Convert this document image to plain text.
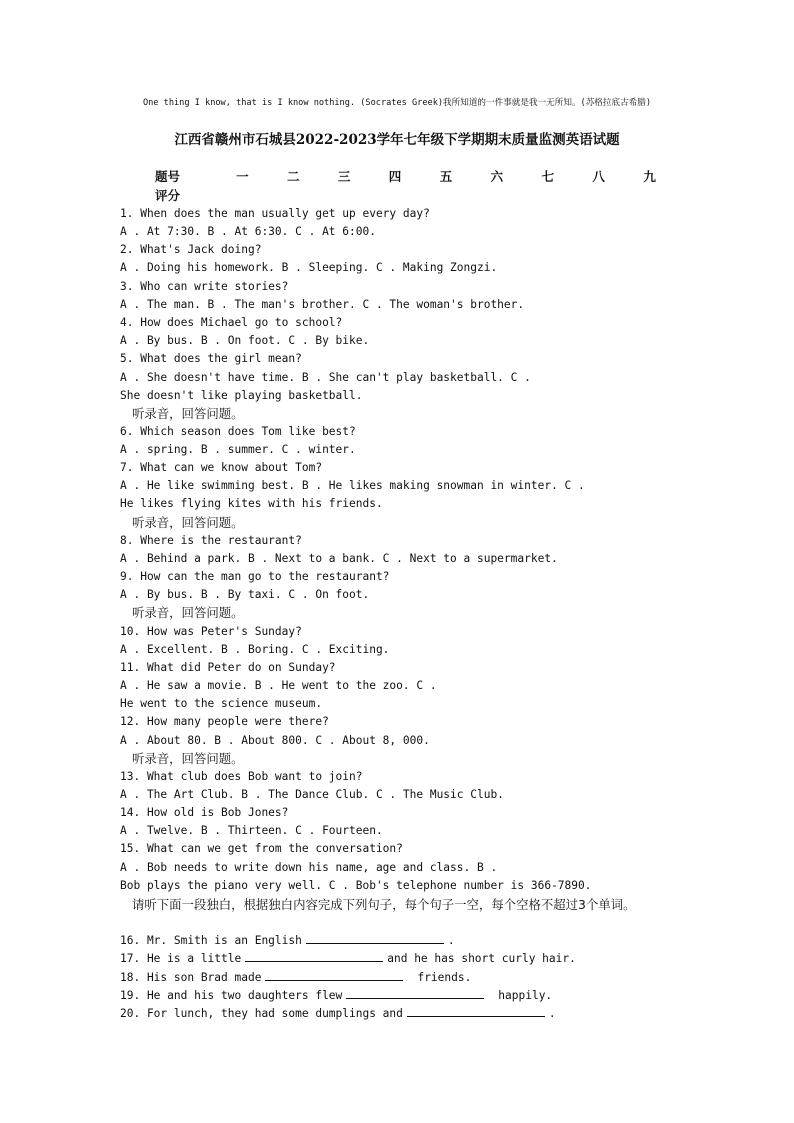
One thing I know, that is I know nothing. (Socrates Greek)我所知道的一件事就是我一无所知。(苏格拉底古希腊)
江西省赣州市石城县2022-2023学年七年级下学期期末质量监测英语试题
题号	一	二	三	四	五	六	七	八	九
评分
1. When does the man usually get up every day?
A . At 7:30. B . At 6:30. C . At 6:00.
2. What's Jack doing?
A . Doing his homework. B . Sleeping. C . Making Zongzi.
3. Who can write stories?
A . The man. B . The man's brother. C . The woman's brother.
4. How does Michael go to school?
A . By bus. B . On foot. C . By bike.
5. What does the girl mean?
A . She doesn't have time. B . She can't play basketball. C .
She doesn't like playing basketball.
听录音，回答问题。
6. Which season does Tom like best?
A . spring. B . summer. C . winter.
7. What can we know about Tom?
A . He like swimming best. B . He likes making snowman in winter. C .
He likes flying kites with his friends.
听录音，回答问题。
8. Where is the restaurant?
A . Behind a park. B . Next to a bank. C . Next to a supermarket.
9. How can the man go to the restaurant?
A . By bus. B . By taxi. C . On foot.
听录音，回答问题。
10. How was Peter's Sunday?
A . Excellent. B . Boring. C . Exciting.
11. What did Peter do on Sunday?
A . He saw a movie. B . He went to the zoo. C .
He went to the science museum.
12. How many people were there?
A . About 80. B . About 800. C . About 8, 000.
听录音，回答问题。
13. What club does Bob want to join?
A . The Art Club. B . The Dance Club. C . The Music Club.
14. How old is Bob Jones?
A . Twelve. B . Thirteen. C . Fourteen.
15. What can we get from the conversation?
A . Bob needs to write down his name, age and class. B .
Bob plays the piano very well. C . Bob's telephone number is 366-7890.
请听下面一段独白，根据独白内容完成下列句子，每个句子一空，每个空格不超过3个单词。
16. Mr. Smith is an English	.
17. He is a little	and he has short curly hair.
18. His son Brad made	friends.
19. He and his two daughters flew	happily.
20. For lunch, they had some dumplings and	.
